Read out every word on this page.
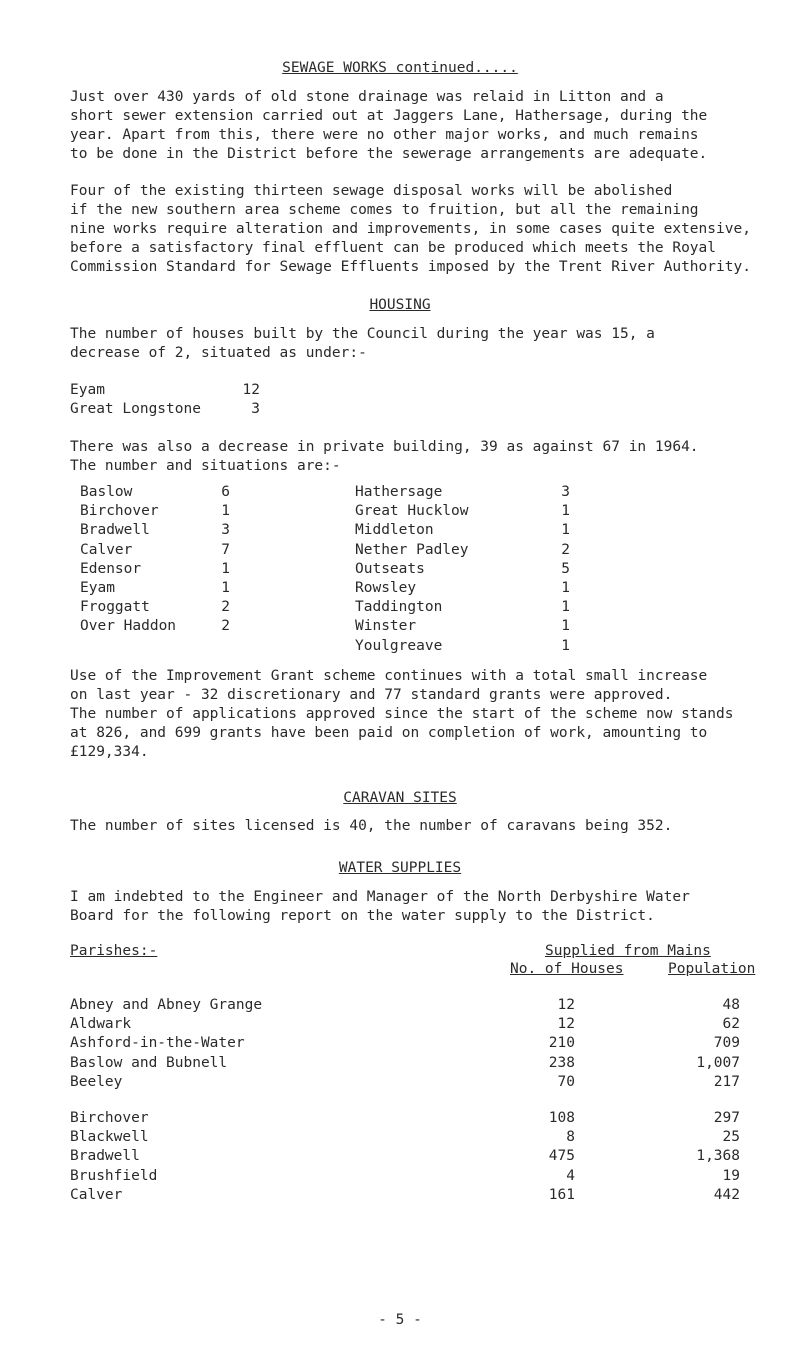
SEWAGE WORKS continued.....
Just over 430 yards of old stone drainage was relaid in Litton and a
short sewer extension carried out at Jaggers Lane, Hathersage, during the
year. Apart from this, there were no other major works, and much remains
to be done in the District before the sewerage arrangements are adequate.
Four of the existing thirteen sewage disposal works will be abolished
if the new southern area scheme comes to fruition, but all the remaining
nine works require alteration and improvements, in some cases quite extensive,
before a satisfactory final effluent can be produced which meets the Royal
Commission Standard for Sewage Effluents imposed by the Trent River Authority.
HOUSING
The number of houses built by the Council during the year was 15, a
decrease of 2, situated as under:-
Eyam	12
Great Longstone	3
There was also a decrease in private building, 39 as against 67 in 1964.
The number and situations are:-
Baslow	6
Birchover	1
Bradwell	3
Calver	7
Edensor	1
Eyam	1
Froggatt	2
Over Haddon	2
Hathersage	3
Great Hucklow	1
Middleton	1
Nether Padley	2
Outseats	5
Rowsley	1
Taddington	1
Winster	1
Youlgreave	1
Use of the Improvement Grant scheme continues with a total small increase
on last year - 32 discretionary and 77 standard grants were approved.
The number of applications approved since the start of the scheme now stands
at 826, and 699 grants have been paid on completion of work, amounting to
£129,334.
CARAVAN SITES
The number of sites licensed is 40, the number of caravans being 352.
WATER SUPPLIES
I am indebted to the Engineer and Manager of the North Derbyshire Water
Board for the following report on the water supply to the District.
Parishes:-	Supplied from Mains
No. of Houses	Population
Abney and Abney Grange	12	48
Aldwark	12	62
Ashford-in-the-Water	210	709
Baslow and Bubnell	238	1,007
Beeley	70	217
Birchover	108	297
Blackwell	8	25
Bradwell	475	1,368
Brushfield	4	19
Calver	161	442
- 5 -
